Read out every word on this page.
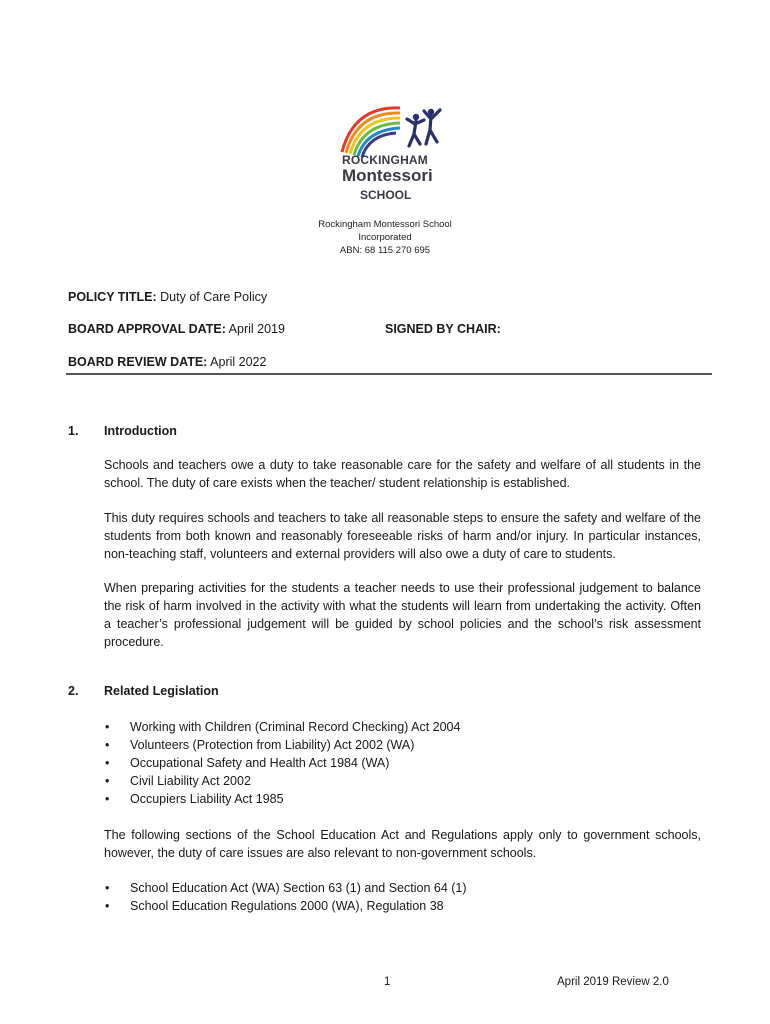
ROCKINGHAM
Montessori
SCHOOL
Rockingham Montessori School
Incorporated
ABN: 68 115 270 695
POLICY TITLE: Duty of Care Policy
BOARD APPROVAL DATE: April 2019	SIGNED BY CHAIR:
BOARD REVIEW DATE: April 2022
1. Introduction
Schools and teachers owe a duty to take reasonable care for the safety and welfare of all students in the school. The duty of care exists when the teacher/ student relationship is established.
This duty requires schools and teachers to take all reasonable steps to ensure the safety and welfare of the students from both known and reasonably foreseeable risks of harm and/or injury. In particular instances, non-teaching staff, volunteers and external providers will also owe a duty of care to students.
When preparing activities for the students a teacher needs to use their professional judgement to balance the risk of harm involved in the activity with what the students will learn from undertaking the activity. Often a teacher’s professional judgement will be guided by school policies and the school’s risk assessment procedure.
2. Related Legislation
• Working with Children (Criminal Record Checking) Act 2004
• Volunteers (Protection from Liability) Act 2002 (WA)
• Occupational Safety and Health Act 1984 (WA)
• Civil Liability Act 2002
• Occupiers Liability Act 1985
The following sections of the School Education Act and Regulations apply only to government schools, however, the duty of care issues are also relevant to non-government schools.
• School Education Act (WA) Section 63 (1) and Section 64 (1)
• School Education Regulations 2000 (WA), Regulation 38
1	April 2019 Review 2.0
